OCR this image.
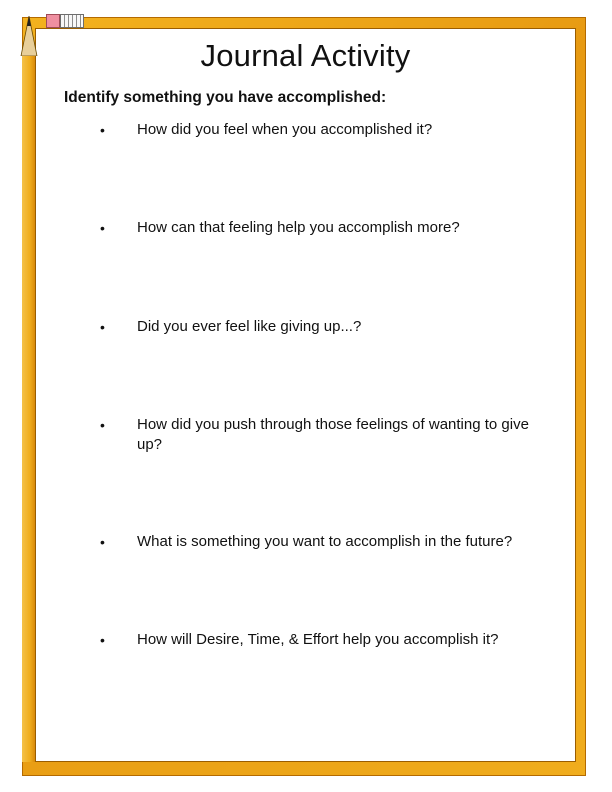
Journal Activity

Identify something you have accomplished:

• How did you feel when you accomplished it?

• How can that feeling help you accomplish more?

• Did you ever feel like giving up...?

• How did you push through those feelings of wanting to give up?

• What is something you want to accomplish in the future?

• How will Desire, Time, & Effort help you accomplish it?
